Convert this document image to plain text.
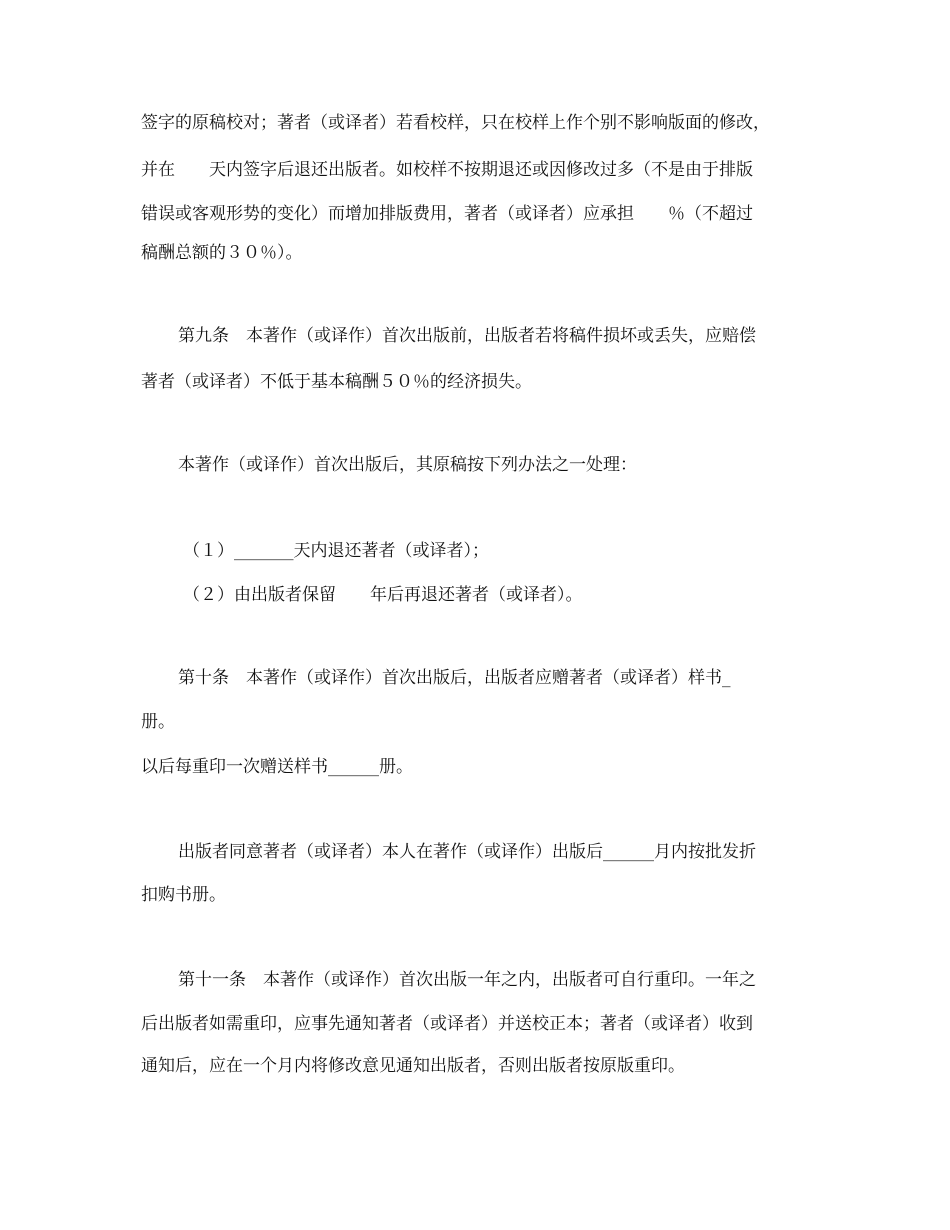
签字的原稿校对；著者（或译者）若看校样，只在校样上作个别不影响版面的修改，

并在　　天内签字后退还出版者。如校样不按期退还或因修改过多（不是由于排版

错误或客观形势的变化）而增加排版费用，著者（或译者）应承担　　％（不超过

稿酬总额的３０％）。

第九条　本著作（或译作）首次出版前，出版者若将稿件损坏或丢失，应赔偿

著者（或译者）不低于基本稿酬５０％的经济损失。

本著作（或译作）首次出版后，其原稿按下列办法之一处理：

（１）_______天内退还著者（或译者）；

（２）由出版者保留　　年后再退还著者（或译者）。

第十条　本著作（或译作）首次出版后，出版者应赠著者（或译者）样书_

册。

以后每重印一次赠送样书______册。

出版者同意著者（或译者）本人在著作（或译作）出版后______月内按批发折

扣购书册。

第十一条　本著作（或译作）首次出版一年之内，出版者可自行重印。一年之

后出版者如需重印，应事先通知著者（或译者）并送校正本；著者（或译者）收到

通知后，应在一个月内将修改意见通知出版者，否则出版者按原版重印。
